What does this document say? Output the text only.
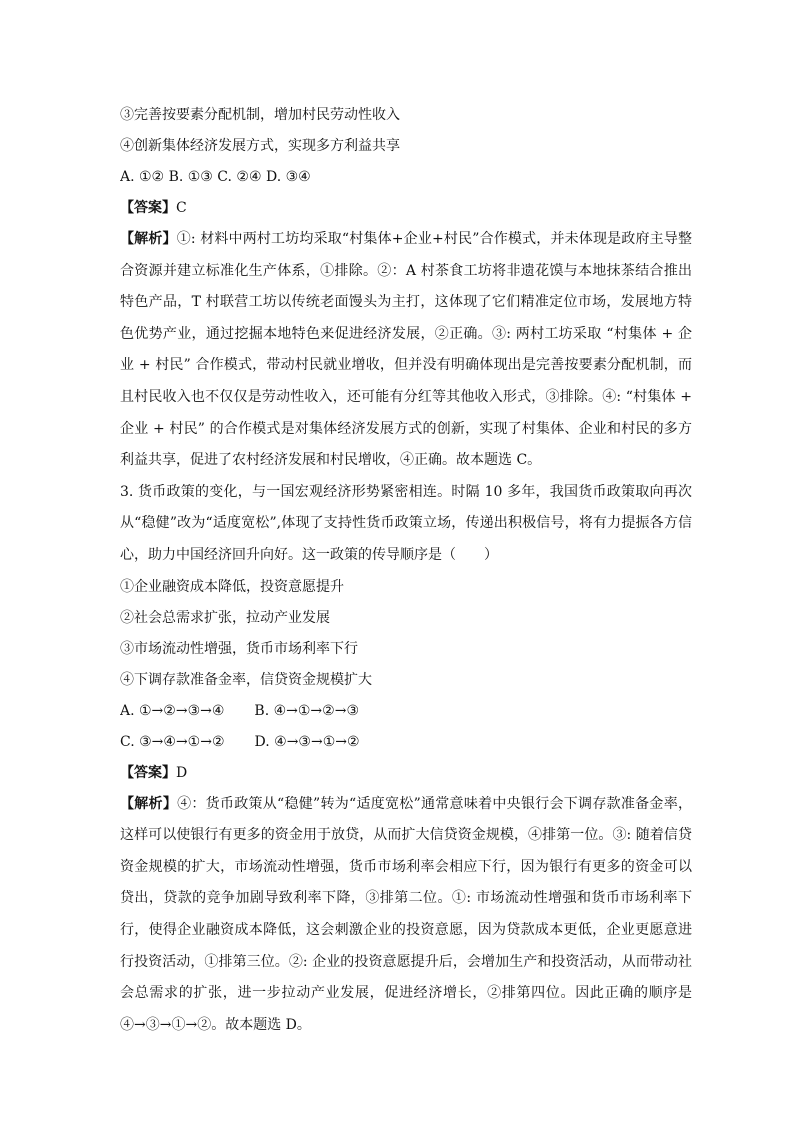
③完善按要素分配机制，增加村民劳动性收入
④创新集体经济发展方式，实现多方利益共享
A. ①② B. ①③ C. ②④ D. ③④
【答案】C
【解析】①: 材料中两村工坊均采取“村集体+企业+村民”合作模式，并未体现是政府主导整合资源并建立标准化生产体系，①排除。②：A 村茶食工坊将非遗花馍与本地抹茶结合推出特色产品，T 村联营工坊以传统老面馒头为主打，这体现了它们精准定位市场，发展地方特色优势产业，通过挖掘本地特色来促进经济发展，②正确。③: 两村工坊采取 “村集体 + 企业 + 村民” 合作模式，带动村民就业增收，但并没有明确体现出是完善按要素分配机制，而且村民收入也不仅仅是劳动性收入，还可能有分红等其他收入形式，③排除。④: “村集体 + 企业 + 村民” 的合作模式是对集体经济发展方式的创新，实现了村集体、企业和村民的多方利益共享，促进了农村经济发展和村民增收，④正确。故本题选 C。
3. 货币政策的变化，与一国宏观经济形势紧密相连。时隔 10 多年，我国货币政策取向再次从“稳健”改为“适度宽松”,体现了支持性货币政策立场，传递出积极信号，将有力提振各方信心，助力中国经济回升向好。这一政策的传导顺序是（　　）
①企业融资成本降低，投资意愿提升
②社会总需求扩张，拉动产业发展
③市场流动性增强，货币市场利率下行
④下调存款准备金率，信贷资金规模扩大
A. ①→②→③→④ B. ④→①→②→③
C. ③→④→①→② D. ④→③→①→②
【答案】D
【解析】④：货币政策从“稳健”转为“适度宽松”通常意味着中央银行会下调存款准备金率，这样可以使银行有更多的资金用于放贷，从而扩大信贷资金规模，④排第一位。③: 随着信贷资金规模的扩大，市场流动性增强，货币市场利率会相应下行，因为银行有更多的资金可以贷出，贷款的竞争加剧导致利率下降，③排第二位。①: 市场流动性增强和货币市场利率下行，使得企业融资成本降低，这会刺激企业的投资意愿，因为贷款成本更低，企业更愿意进行投资活动，①排第三位。②: 企业的投资意愿提升后，会增加生产和投资活动，从而带动社会总需求的扩张，进一步拉动产业发展，促进经济增长，②排第四位。因此正确的顺序是④→③→①→②。故本题选 D。
